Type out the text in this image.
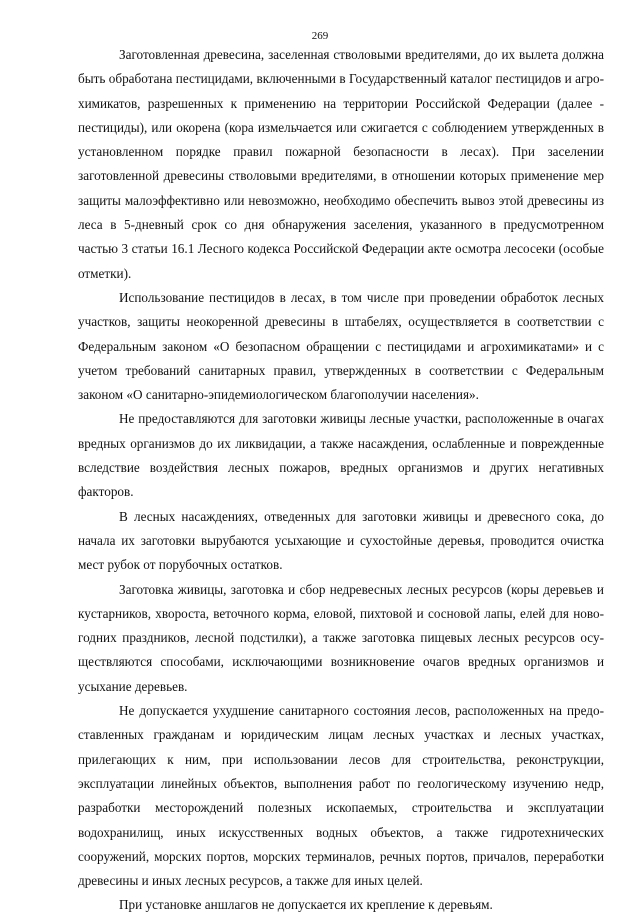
269

Заготовленная древесина, заселенная стволовыми вредителями, до их вылета должна быть обработана пестицидами, включенными в Государственный каталог пестицидов и агрохимикатов, разрешенных к применению на территории Российской Федерации (далее - пестициды), или окорена (кора измельчается или сжигается с соблюдением утвержденных в установленном порядке правил пожарной безопасности в лесах). При заселении заготовленной древесины стволовыми вредителями, в отношении которых применение мер защиты малоэффективно или невозможно, необходимо обеспечить вывоз этой древесины из леса в 5-дневный срок со дня обнаружения заселения, указанного в предусмотренном частью 3 статьи 16.1 Лесного кодекса Российской Федерации акте осмотра лесосеки (особые отметки).

Использование пестицидов в лесах, в том числе при проведении обработок лесных участков, защиты неокоренной древесины в штабелях, осуществляется в соответствии с Федеральным законом «О безопасном обращении с пестицидами и агрохимикатами» и с учетом требований санитарных правил, утвержденных в соответствии с Федеральным законом «О санитарно-эпидемиологическом благополучии населения».

Не предоставляются для заготовки живицы лесные участки, расположенные в очагах вредных организмов до их ликвидации, а также насаждения, ослабленные и поврежденные вследствие воздействия лесных пожаров, вредных организмов и других негативных факторов.

В лесных насаждениях, отведенных для заготовки живицы и древесного сока, до начала их заготовки вырубаются усыхающие и сухостойные деревья, проводится очистка мест рубок от порубочных остатков.

Заготовка живицы, заготовка и сбор недревесных лесных ресурсов (коры деревьев и кустарников, хвороста, веточного корма, еловой, пихтовой и сосновой лапы, елей для новогодних праздников, лесной подстилки), а также заготовка пищевых лесных ресурсов осуществляются способами, исключающими возникновение очагов вредных организмов и усыхание деревьев.

Не допускается ухудшение санитарного состояния лесов, расположенных на предоставленных гражданам и юридическим лицам лесных участках и лесных участках, прилегающих к ним, при использовании лесов для строительства, реконструкции, эксплуатации линейных объектов, выполнения работ по геологическому изучению недр, разработки месторождений полезных ископаемых, строительства и эксплуатации водохранилищ, иных искусственных водных объектов, а также гидротехнических сооружений, морских портов, морских терминалов, речных портов, причалов, переработки древесины и иных лесных ресурсов, а также для иных целей.

При установке аншлагов не допускается их крепление к деревьям.
